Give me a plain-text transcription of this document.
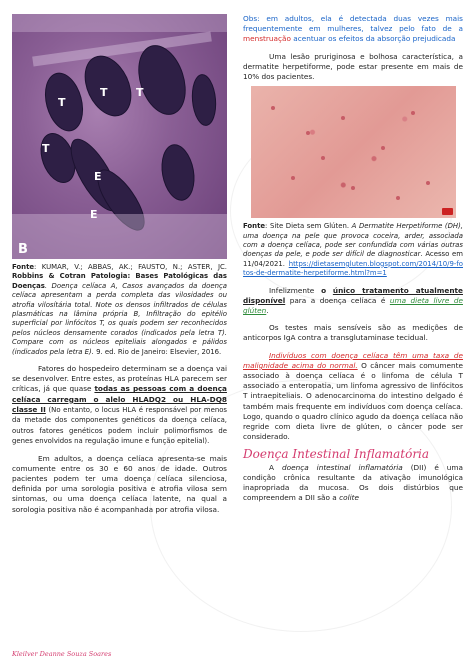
T
T	T
T
E
E
B

Fonte: KUMAR, V.; ABBAS, AK.; FAUSTO, N.; ASTER, JC. Robbins & Cotran Patologia: Bases Patológicas das Doenças. Doença celíaca A, Casos avançados da doença celíaca apresentam a perda completa das vilosidades ou atrofia vilosítária total. Note os densos infiltrados de células plasmáticas na lâmina própria B, Infiltração do epitélio superficial por linfócitos T, os quais podem ser reconhecidos pelos núcleos densamente corados (indicados pela letra T). Compare com os núcleos epiteliais alongados e pálidos (indicados pela letra E). 9. ed. Rio de Janeiro: Elsevier, 2016.

Fatores do hospedeiro determinam se a doença vai se desenvolver. Entre estes, as proteínas HLA parecem ser críticas, já que quase todas as pessoas com a doença celíaca carregam o alelo HLADQ2 ou HLA-DQ8 classe II (No entanto, o locus HLA é responsável por menos da metade dos componentes genéticos da doença celíaca, outros fatores genéticos podem incluir polimorfismos de genes envolvidos na regulação imune e função epitelial).

Em adultos, a doença celíaca apresenta-se mais comumente entre os 30 e 60 anos de idade. Outros pacientes podem ter uma doença celíaca silenciosa, definida por uma sorologia positiva e atrofia vilosa sem sintomas, ou uma doença celíaca latente, na qual a sorologia positiva não é acompanhada por atrofia vilosa.

Obs: em adultos, ela é detectada duas vezes mais frequentemente em mulheres, talvez pelo fato de a menstruação acentuar os efeitos da absorção prejudicada

Uma lesão pruriginosa e bolhosa característica, a dermatite herpetiforme, pode estar presente em mais de 10% dos pacientes.

Fonte: Site Dieta sem Glúten. A Dermatite Herpetiforme (DH), uma doença na pele que provoca coceira, arder, associada com a doença celíaca, pode ser confundida com várias outras doenças da pele, e pode ser difícil de diagnosticar. Acesso em 11/04/2021. https://dietasemgluten.blogspot.com/2014/10/9-fotos-de-dermatite-herpetiforme.html?m=1

Infelizmente o único tratamento atualmente disponível para a doença celíaca é uma dieta livre de glúten.

Os testes mais sensíveis são as medições de anticorpos IgA contra a transglutaminase tecidual.

Indivíduos com doença celíaca têm uma taxa de malignidade acima do normal. O câncer mais comumente associado à doença celíaca é o linfoma de célula T associado a enteropatia, um linfoma agressivo de linfócitos T intraepiteliais. O adenocarcinoma do intestino delgado é também mais frequente em indivíduos com doença celíaca. Logo, quando o quadro clínico agudo da doença celíaca não regride com dieta livre de glúten, o câncer pode ser considerado.

Doença Intestinal Inflamatória

A doença intestinal inflamatória (DII) é uma condição crônica resultante da ativação imunológica inapropriada da mucosa. Os dois distúrbios que compreendem a DII são a colite

Kleilver Deanne Souza Soares
